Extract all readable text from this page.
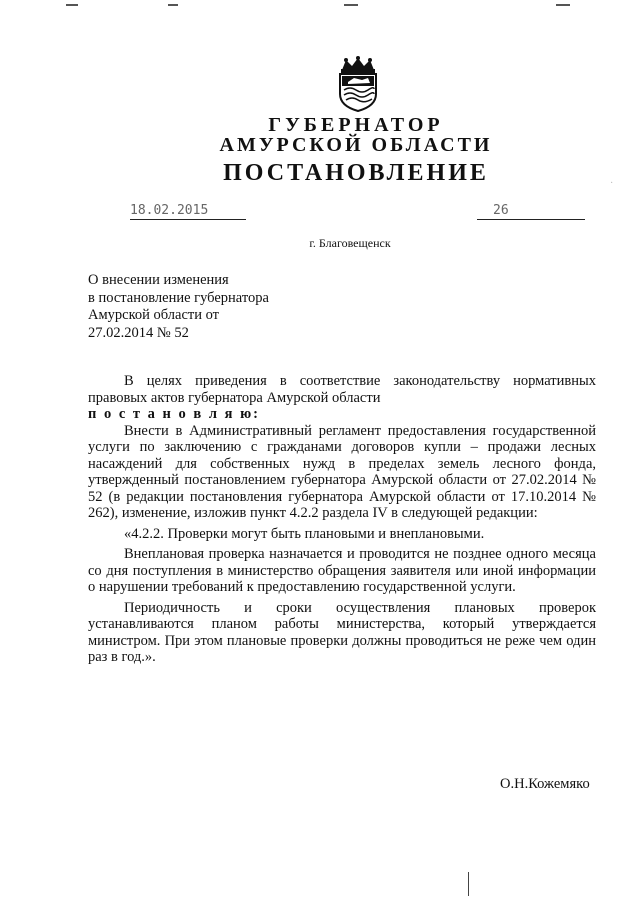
ГУБЕРНАТОР
АМУРСКОЙ ОБЛАСТИ
ПОСТАНОВЛЕНИЕ
18.02.2015	26
г. Благовещенск
О внесении изменения
в постановление губернатора
Амурской области от
27.02.2014 № 52

В целях приведения в соответствие законодательству нормативных правовых актов губернатора Амурской области

п о с т а н о в л я ю:

Внести в Административный регламент предоставления государственной услуги по заключению с гражданами договоров купли – продажи лесных насаждений для собственных нужд в пределах земель лесного фонда, утвержденный постановлением губернатора Амурской области от 27.02.2014 № 52 (в редакции постановления губернатора Амурской области от 17.10.2014 № 262), изменение, изложив пункт 4.2.2 раздела IV в следующей редакции:

«4.2.2. Проверки могут быть плановыми и внеплановыми.

Внеплановая проверка назначается и проводится не позднее одного месяца со дня поступления в министерство обращения заявителя или иной информации о нарушении требований к предоставлению государственной услуги.

Периодичность и сроки осуществления плановых проверок устанавливаются планом работы министерства, который утверждается министром. При этом плановые проверки должны проводиться не реже чем один раз в год.».

О.Н.Кожемяко
·
